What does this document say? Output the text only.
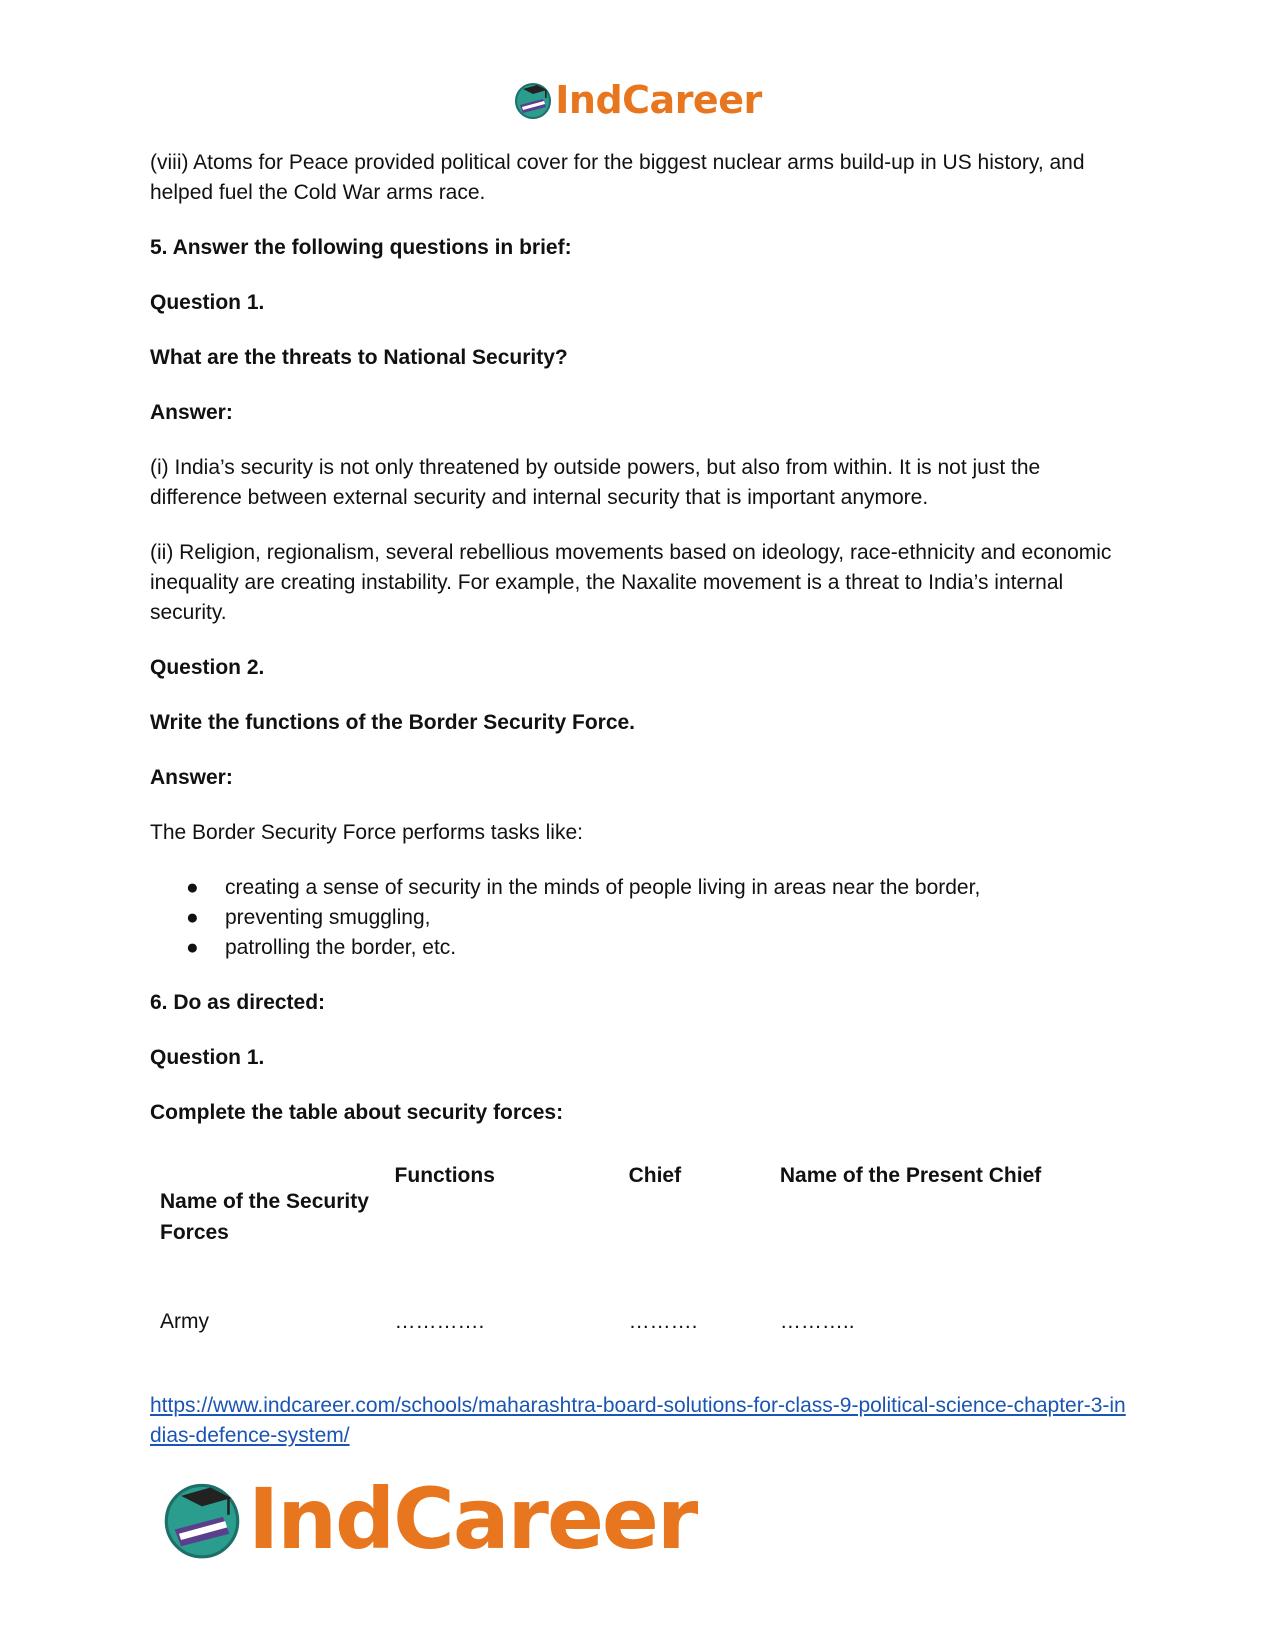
IndCareer

(viii) Atoms for Peace provided political cover for the biggest nuclear arms build-up in US history, and helped fuel the Cold War arms race.

5. Answer the following questions in brief:

Question 1.

What are the threats to National Security?

Answer:

(i) India’s security is not only threatened by outside powers, but also from within. It is not just the difference between external security and internal security that is important anymore.

(ii) Religion, regionalism, several rebellious movements based on ideology, race-ethnicity and economic inequality are creating instability. For example, the Naxalite movement is a threat to India’s internal security.

Question 2.

Write the functions of the Border Security Force.

Answer:

The Border Security Force performs tasks like:

● creating a sense of security in the minds of people living in areas near the border,
● preventing smuggling,
● patrolling the border, etc.

6. Do as directed:

Question 1.

Complete the table about security forces:

Name of the Security Forces	Functions	Chief	Name of the Present Chief
Army	………….	……….	………..
https://www.indcareer.com/schools/maharashtra-board-solutions-for-class-9-political-science-chapter-3-indias-defence-system/
IndCareer
